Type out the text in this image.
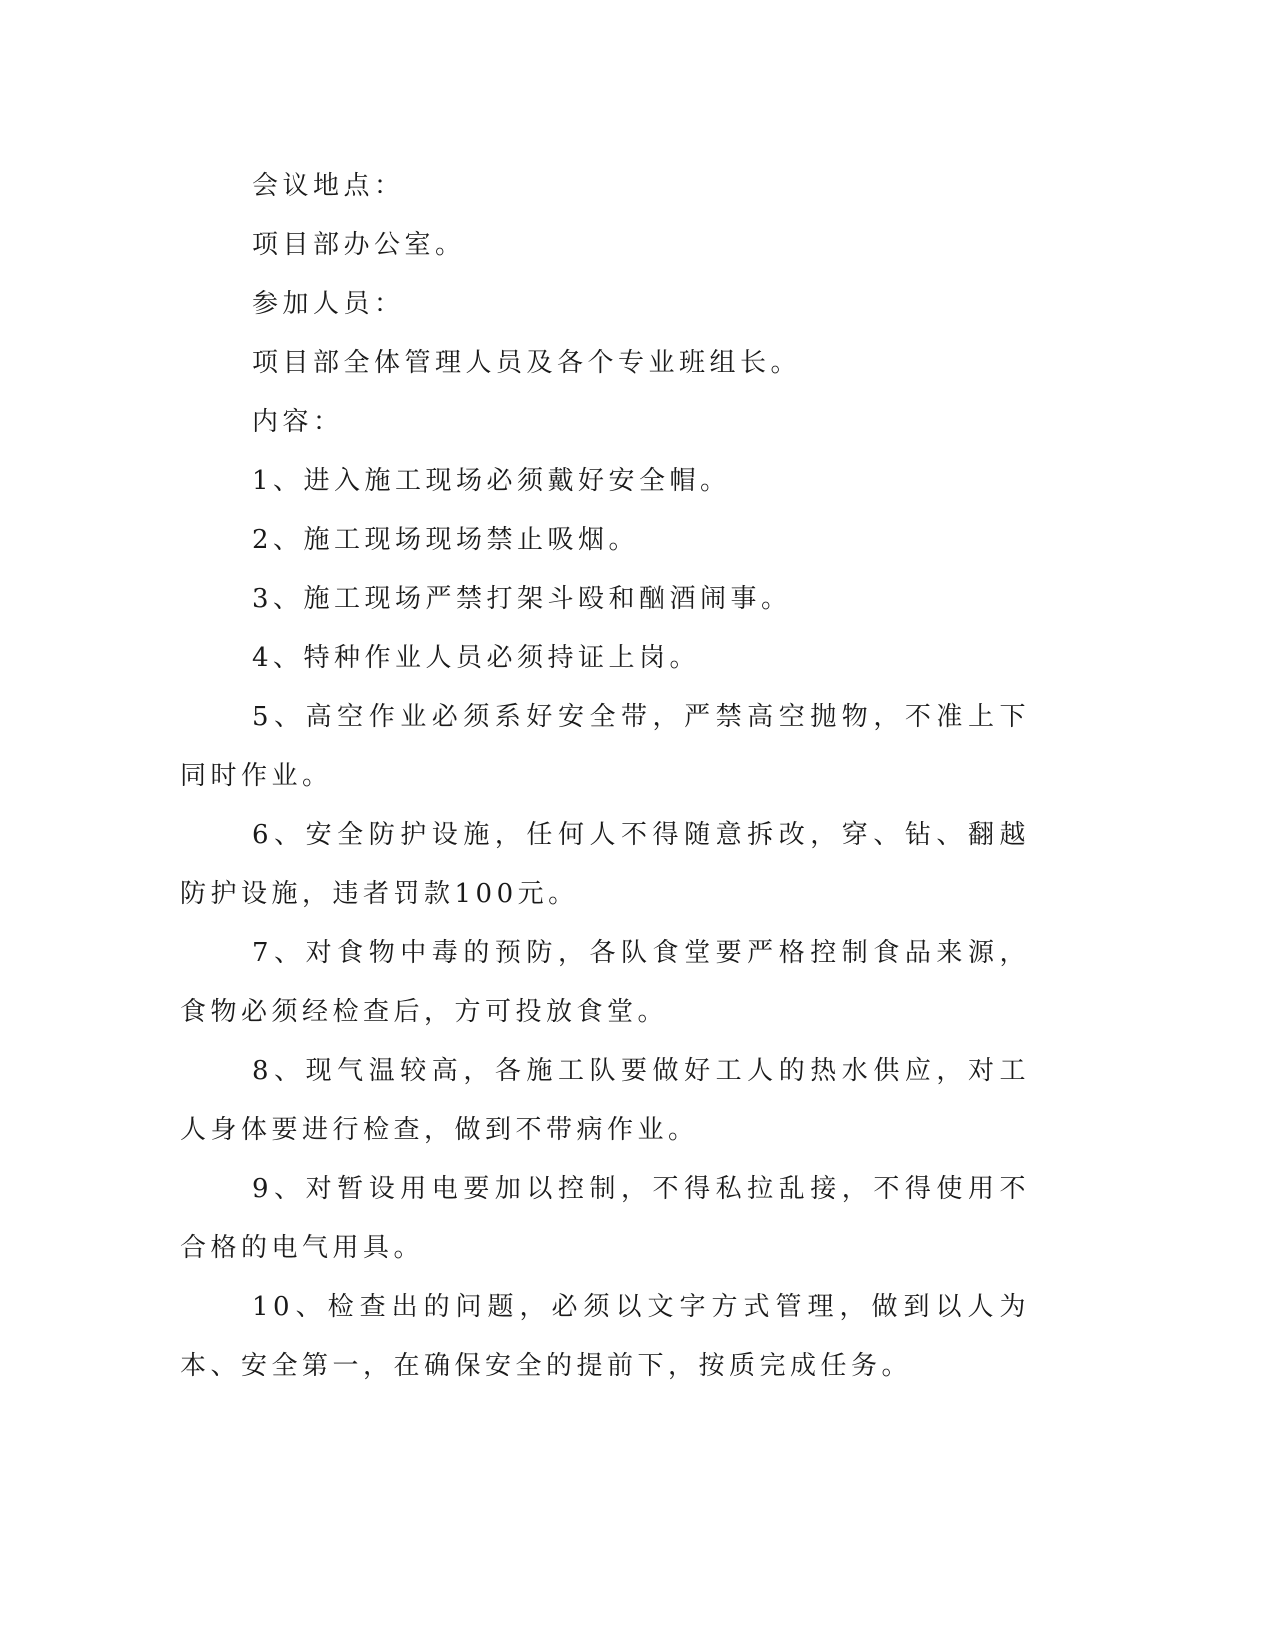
会议地点：
项目部办公室。
参加人员：
项目部全体管理人员及各个专业班组长。
内容：
1、进入施工现场必须戴好安全帽。
2、施工现场现场禁止吸烟。
3、施工现场严禁打架斗殴和酗酒闹事。
4、特种作业人员必须持证上岗。
5、高空作业必须系好安全带，严禁高空抛物，不准上下同时作业。
6、安全防护设施，任何人不得随意拆改，穿、钻、翻越防护设施，违者罚款100元。
7、对食物中毒的预防，各队食堂要严格控制食品来源，食物必须经检查后，方可投放食堂。
8、现气温较高，各施工队要做好工人的热水供应，对工人身体要进行检查，做到不带病作业。
9、对暂设用电要加以控制，不得私拉乱接，不得使用不合格的电气用具。
10、检查出的问题，必须以文字方式管理，做到以人为本、安全第一，在确保安全的提前下，按质完成任务。
